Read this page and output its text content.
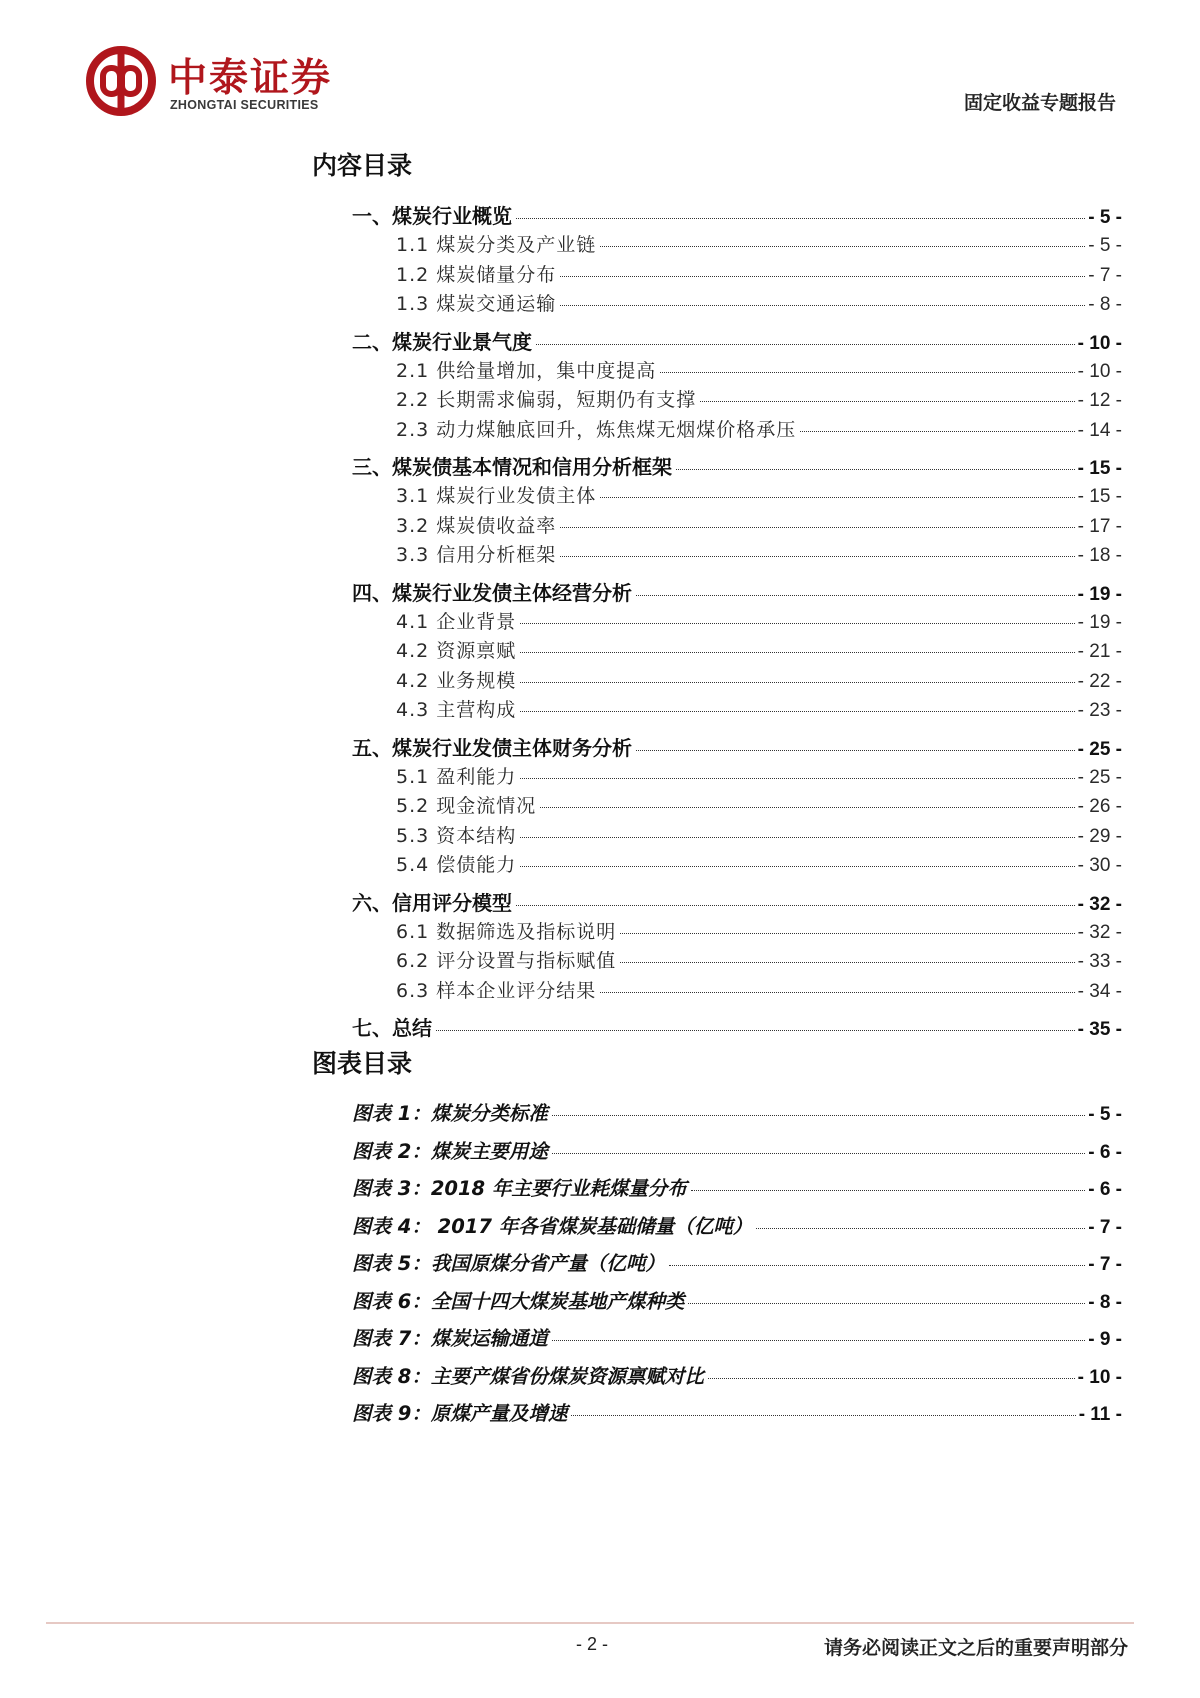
中泰证券
ZHONGTAI SECURITIES	固定收益专题报告
内容目录
一、煤炭行业概览	- 5 -
1.1 煤炭分类及产业链	- 5 -
1.2 煤炭储量分布	- 7 -
1.3 煤炭交通运输	- 8 -
二、煤炭行业景气度	- 10 -
2.1 供给量增加，集中度提高	- 10 -
2.2 长期需求偏弱，短期仍有支撑	- 12 -
2.3 动力煤触底回升，炼焦煤无烟煤价格承压	- 14 -
三、煤炭债基本情况和信用分析框架	- 15 -
3.1 煤炭行业发债主体	- 15 -
3.2 煤炭债收益率	- 17 -
3.3 信用分析框架	- 18 -
四、煤炭行业发债主体经营分析	- 19 -
4.1 企业背景	- 19 -
4.2 资源禀赋	- 21 -
4.2 业务规模	- 22 -
4.3 主营构成	- 23 -
五、煤炭行业发债主体财务分析	- 25 -
5.1 盈利能力	- 25 -
5.2 现金流情况	- 26 -
5.3 资本结构	- 29 -
5.4 偿债能力	- 30 -
六、信用评分模型	- 32 -
6.1 数据筛选及指标说明	- 32 -
6.2 评分设置与指标赋值	- 33 -
6.3 样本企业评分结果	- 34 -
七、总结	- 35 -
图表目录
图表 1：煤炭分类标准	- 5 -
图表 2：煤炭主要用途	- 6 -
图表 3：2018 年主要行业耗煤量分布	- 6 -
图表 4： 2017 年各省煤炭基础储量（亿吨）	- 7 -
图表 5：我国原煤分省产量（亿吨）	- 7 -
图表 6：全国十四大煤炭基地产煤种类	- 8 -
图表 7：煤炭运输通道	- 9 -
图表 8：主要产煤省份煤炭资源禀赋对比	- 10 -
图表 9：原煤产量及增速	- 11 -
- 2 -	请务必阅读正文之后的重要声明部分
